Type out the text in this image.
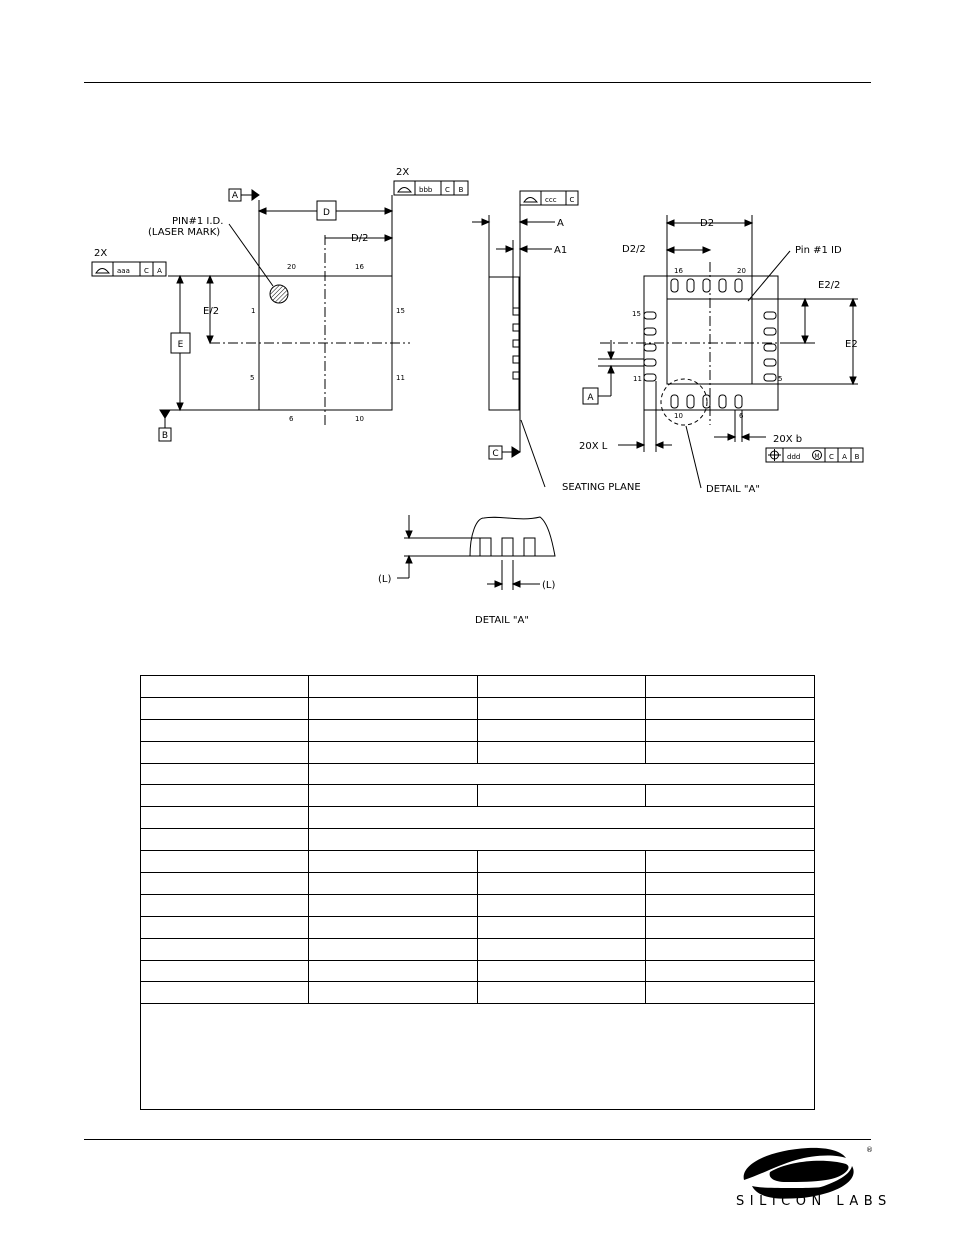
D
D/2
A
E
E/2
B
PIN#1 I.D.
(LASER MARK)
20	16
1	15
5	11
6	10
2X
aaa C A
2X
bbb C B
A
A1
ccc C
C
SEATING PLANE
D2
D2/2	Pin #1 ID
E2/2
E2
16	20
15
11
10	6
5
A
20X L
20X b
ddd M C A B
DETAIL "A"
(L)
(L)
DETAIL "A"

®
SILICON LABS
